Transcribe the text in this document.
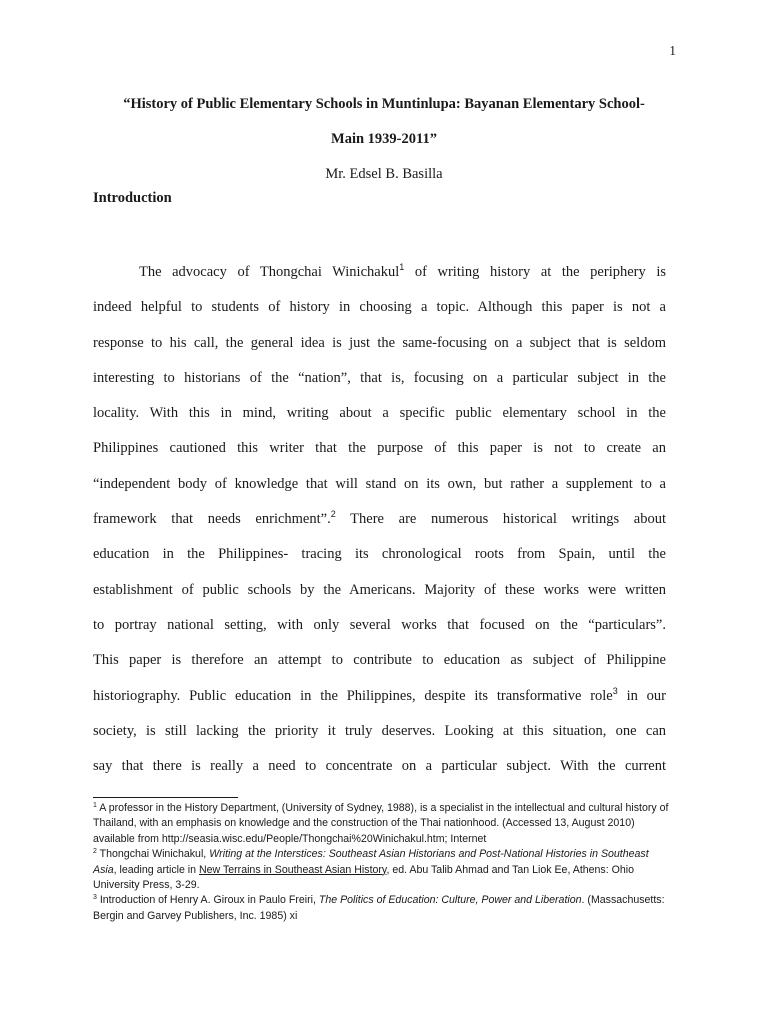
1

“History of Public Elementary Schools in Muntinlupa: Bayanan Elementary School-

Main 1939-2011”

Mr. Edsel B. Basilla

Introduction

The advocacy of Thongchai Winichakul$^1$ of writing history at the periphery is
indeed helpful to students of history in choosing a topic. Although this paper is not a
response to his call, the general idea is just the same-focusing on a subject that is seldom
interesting to historians of the “nation”, that is, focusing on a particular subject in the
locality. With this in mind, writing about a specific public elementary school in the
Philippines cautioned this writer that the purpose of this paper is not to create an
“independent body of knowledge that will stand on its own, but rather a supplement to a
framework that needs enrichment”.$^2$ There are numerous historical writings about
education in the Philippines- tracing its chronological roots from Spain, until the
establishment of public schools by the Americans. Majority of these works were written
to portray national setting, with only several works that focused on the “particulars”.
This paper is therefore an attempt to contribute to education as subject of Philippine
historiography. Public education in the Philippines, despite its transformative role$^3$ in our
society, is still lacking the priority it truly deserves. Looking at this situation, one can
say that there is really a need to concentrate on a particular subject. With the current

$^1$ A professor in the History Department, (University of Sydney, 1988), is a specialist in the intellectual and cultural history of Thailand, with an emphasis on knowledge and the construction of the Thai nationhood. (Accessed 13, August 2010) available from http://seasia.wisc.edu/People/Thongchai%20Winichakul.htm; Internet

$^2$ Thongchai Winichakul, Writing at the Interstices: Southeast Asian Historians and Post-National Histories in Southeast Asia, leading article in New Terrains in Southeast Asian History, ed. Abu Talib Ahmad and Tan Liok Ee, Athens: Ohio University Press, 3-29.

$^3$ Introduction of Henry A. Giroux in Paulo Freiri, The Politics of Education: Culture, Power and Liberation. (Massachusetts: Bergin and Garvey Publishers, Inc. 1985) xi
